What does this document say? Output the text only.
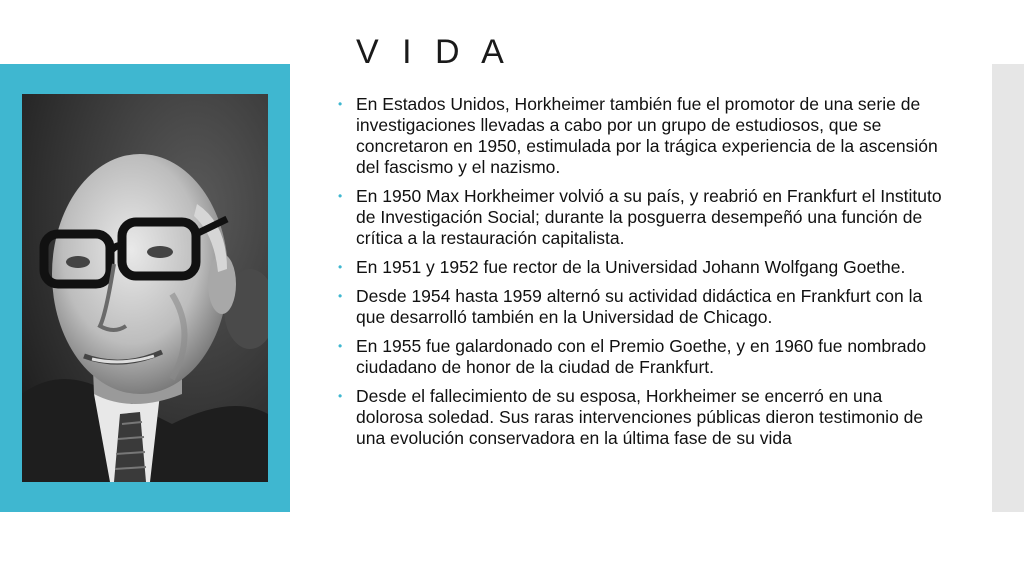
V I D A
• En Estados Unidos, Horkheimer también fue el promotor de una serie de investigaciones llevadas a cabo por un grupo de estudiosos, que se concretaron en 1950, estimulada por la trágica experiencia de la ascensión del fascismo y el nazismo.
• En 1950 Max Horkheimer volvió a su país, y reabrió en Frankfurt el Instituto de Investigación Social; durante la posguerra desempeñó una función de crítica a la restauración capitalista.
• En 1951 y 1952 fue rector de la Universidad Johann Wolfgang Goethe.
• Desde 1954 hasta 1959 alternó su actividad didáctica en Frankfurt con la que desarrolló también en la Universidad de Chicago.
• En 1955 fue galardonado con el Premio Goethe, y en 1960 fue nombrado ciudadano de honor de la ciudad de Frankfurt.
• Desde el fallecimiento de su esposa, Horkheimer se encerró en una dolorosa soledad. Sus raras intervenciones públicas dieron testimonio de una evolución conservadora en la última fase de su vida
